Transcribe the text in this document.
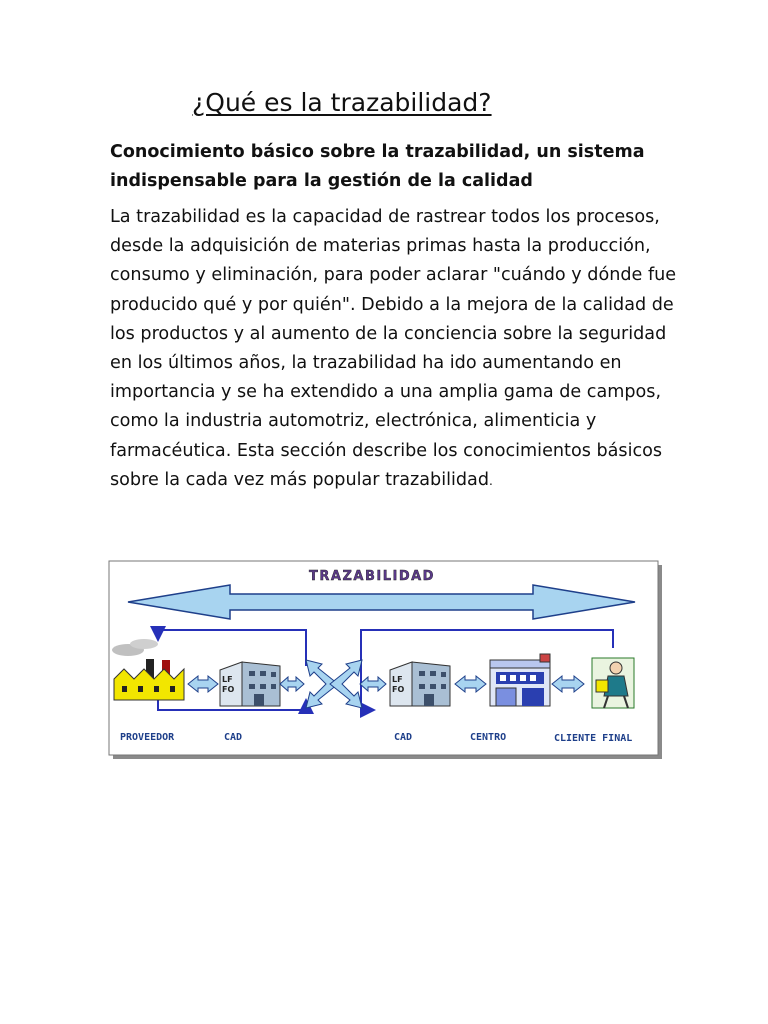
¿Qué es la trazabilidad?

Conocimiento básico sobre la trazabilidad, un sistema indispensable para la gestión de la calidad

La trazabilidad es la capacidad de rastrear todos los procesos, desde la adquisición de materias primas hasta la producción, consumo y eliminación, para poder aclarar "cuándo y dónde fue producido qué y por quién". Debido a la mejora de la calidad de los productos y al aumento de la conciencia sobre la seguridad en los últimos años, la trazabilidad ha ido aumentando en importancia y se ha extendido a una amplia gama de campos, como la industria automotriz, electrónica, alimenticia y farmacéutica. Esta sección describe los conocimientos básicos sobre la cada vez más popular trazabilidad.

TRAZABILIDAD
LF
FO
LF
FO
PROVEEDOR	CAD	CAD	CENTRO	CLIENTE FINAL
